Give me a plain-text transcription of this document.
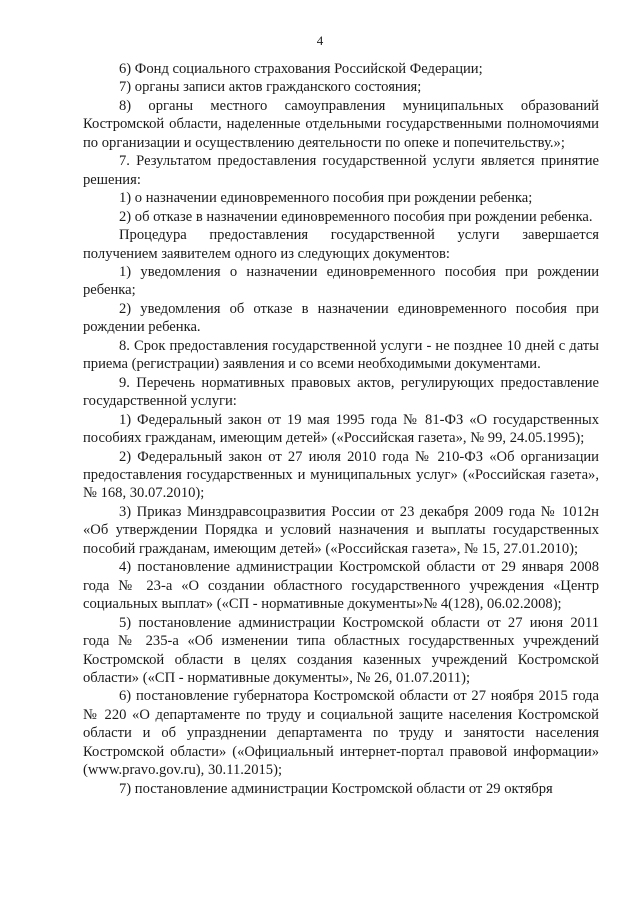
4

6) Фонд социального страхования Российской Федерации;

7) органы записи актов гражданского состояния;

8) органы местного самоуправления муниципальных образований Костромской области, наделенные отдельными государственными полномочиями по организации и осуществлению деятельности по опеке и попечительству.»;

7. Результатом предоставления государственной услуги является принятие решения:

1) о назначении единовременного пособия при рождении ребенка;

2) об отказе в назначении единовременного пособия при рождении ребенка.

Процедура предоставления государственной услуги завершается получением заявителем одного из следующих документов:

1) уведомления о назначении единовременного пособия при рождении ребенка;

2) уведомления об отказе в назначении единовременного пособия при рождении ребенка.

8. Срок предоставления государственной услуги - не позднее 10 дней с даты приема (регистрации) заявления и со всеми необходимыми документами.

9. Перечень нормативных правовых актов, регулирующих предоставление государственной услуги:

1) Федеральный закон от 19 мая 1995 года № 81-ФЗ «О государственных пособиях гражданам, имеющим детей» («Российская газета», № 99, 24.05.1995);

2) Федеральный закон от 27 июля 2010 года № 210-ФЗ «Об организации предоставления государственных и муниципальных услуг» («Российская газета», № 168, 30.07.2010);

3) Приказ Минздравсоцразвития России от 23 декабря 2009 года № 1012н «Об утверждении Порядка и условий назначения и выплаты государственных пособий гражданам, имеющим детей» («Российская газета», № 15, 27.01.2010);

4) постановление администрации Костромской области от 29 января 2008 года № 23-а «О создании областного государственного учреждения «Центр социальных выплат» («СП - нормативные документы»№ 4(128), 06.02.2008);

5) постановление администрации Костромской области от 27 июня 2011 года № 235-а «Об изменении типа областных государственных учреждений Костромской области в целях создания казенных учреждений Костромской области» («СП - нормативные документы», № 26, 01.07.2011);

6) постановление губернатора Костромской области от 27 ноября 2015 года № 220 «О департаменте по труду и социальной защите населения Костромской области и об упразднении департамента по труду и занятости населения Костромской области» («Официальный интернет-портал правовой информации» (www.pravo.gov.ru), 30.11.2015);

7) постановление администрации Костромской области от 29 октября
